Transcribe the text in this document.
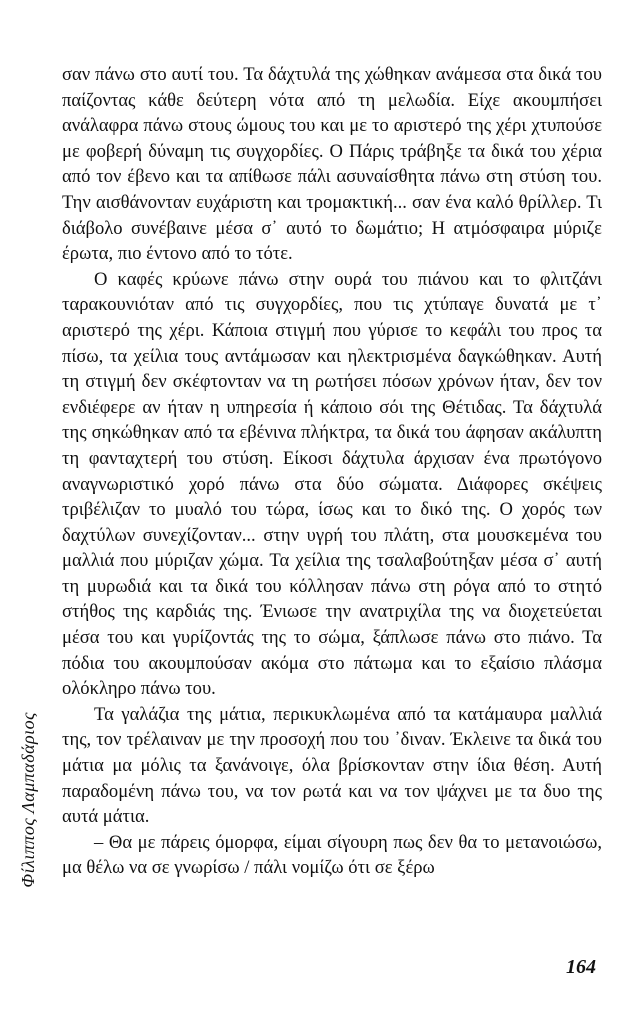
σαν πάνω στο αυτί του. Τα δάχτυλά της χώθηκαν ανάμεσα στα δικά του παίζοντας κάθε δεύτερη νότα από τη μελωδία. Είχε ακουμπήσει ανάλαφρα πάνω στους ώμους του και με το αριστερό της χέρι χτυπούσε με φοβερή δύναμη τις συγχορδίες. Ο Πάρις τράβηξε τα δικά του χέρια από τον έβενο και τα απίθωσε πάλι ασυναίσθητα πάνω στη στύση του. Την αισθάνονταν ευχάριστη και τρομακτική... σαν ένα καλό θρίλλερ. Τι διάβολο συνέβαινε μέσα σ᾽ αυτό το δωμάτιο; Η ατμόσφαιρα μύριζε έρωτα, πιο έντονο από το τότε.

Ο καφές κρύωνε πάνω στην ουρά του πιάνου και το φλιτζάνι ταρακουνιόταν από τις συγχορδίες, που τις χτύπαγε δυνατά με τ᾽ αριστερό της χέρι. Κάποια στιγμή που γύρισε το κεφάλι του προς τα πίσω, τα χείλια τους αντάμωσαν και ηλεκτρισμένα δαγκώθηκαν. Αυτή τη στιγμή δεν σκέφτονταν να τη ρωτήσει πόσων χρόνων ήταν, δεν τον ενδιέφερε αν ήταν η υπηρεσία ή κάποιο σόι της Θέτιδας. Τα δάχτυλά της σηκώθηκαν από τα εβένινα πλήκτρα, τα δικά του άφησαν ακάλυπτη τη φανταχτερή του στύση. Είκοσι δάχτυλα άρχισαν ένα πρωτόγονο αναγνωριστικό χορό πάνω στα δύο σώματα. Διάφορες σκέψεις τριβέλιζαν το μυαλό του τώρα, ίσως και το δικό της. Ο χορός των δαχτύλων συνεχίζονταν... στην υγρή του πλάτη, στα μουσκεμένα του μαλλιά που μύριζαν χώμα. Τα χείλια της τσαλαβούτηξαν μέσα σ᾽ αυτή τη μυρωδιά και τα δικά του κόλλησαν πάνω στη ρόγα από το στητό στήθος της καρδιάς της. Ένιωσε την ανατριχίλα της να διοχετεύεται μέσα του και γυρίζοντάς της το σώμα, ξάπλωσε πάνω στο πιάνο. Τα πόδια του ακουμπούσαν ακόμα στο πάτωμα και το εξαίσιο πλάσμα ολόκληρο πάνω του.

Τα γαλάζια της μάτια, περικυκλωμένα από τα κατάμαυρα μαλλιά της, τον τρέλαιναν με την προσοχή που του ᾽διναν. Έκλεινε τα δικά του μάτια μα μόλις τα ξανάνοιγε, όλα βρίσκονταν στην ίδια θέση. Αυτή παραδομένη πάνω του, να τον ρωτά και να τον ψάχνει με τα δυο της αυτά μάτια.

– Θα με πάρεις όμορφα, είμαι σίγουρη πως δεν θα το μετανοιώσω, μα θέλω να σε γνωρίσω / πάλι νομίζω ότι σε ξέρω

Φίλιππος Λαμπαδάριος
164
